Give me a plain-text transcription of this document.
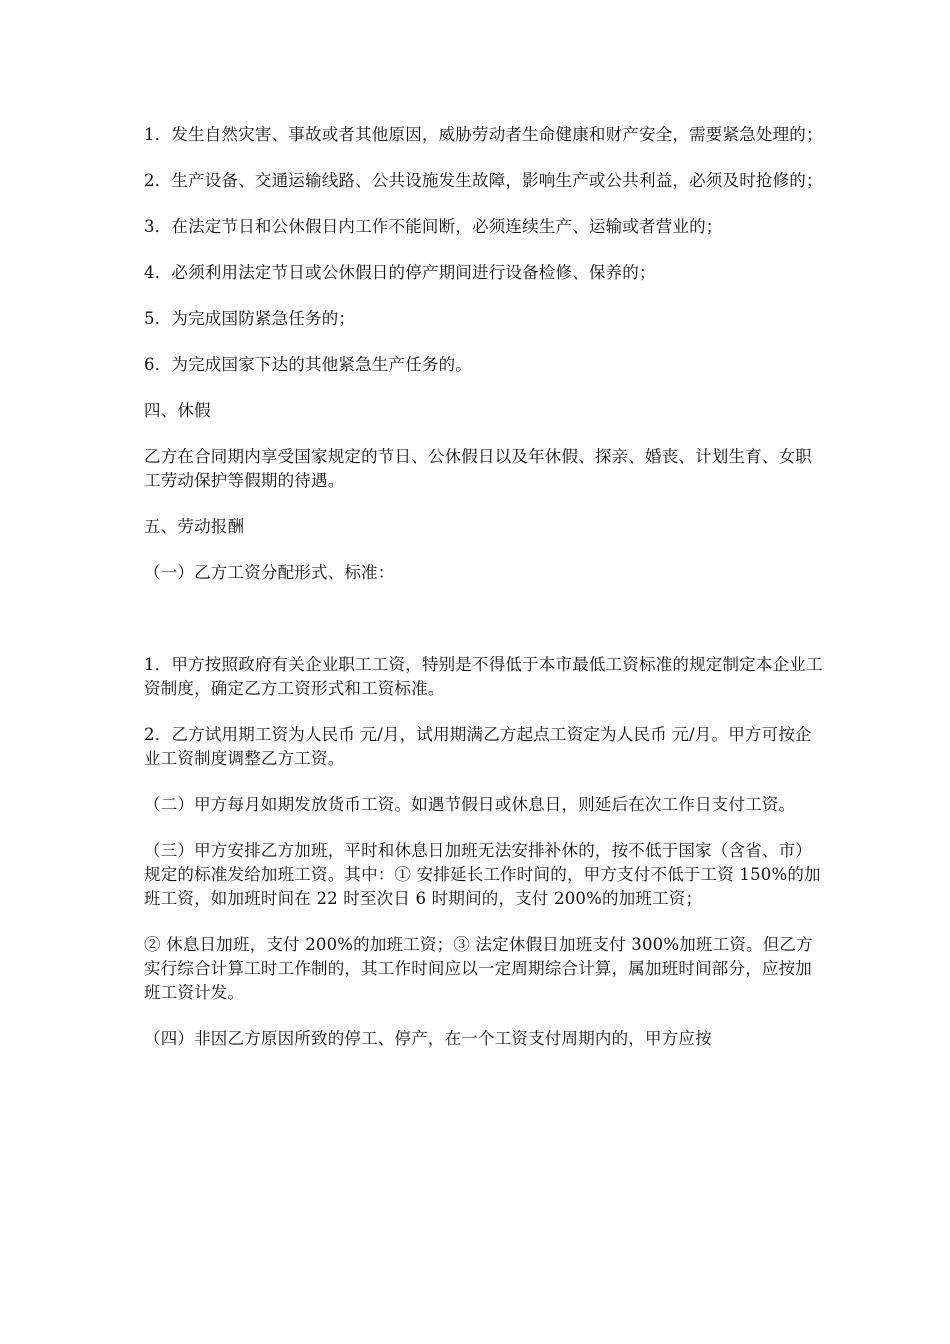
1．发生自然灾害、事故或者其他原因，威胁劳动者生命健康和财产安全，需要紧急处理的；

2．生产设备、交通运输线路、公共设施发生故障，影响生产或公共利益，必须及时抢修的；

3．在法定节日和公休假日内工作不能间断，必须连续生产、运输或者营业的；

4．必须利用法定节日或公休假日的停产期间进行设备检修、保养的；

5．为完成国防紧急任务的；

6．为完成国家下达的其他紧急生产任务的。

四、休假

乙方在合同期内享受国家规定的节日、公休假日以及年休假、探亲、婚丧、计划生育、女职工劳动保护等假期的待遇。

五、劳动报酬

（一）乙方工资分配形式、标准：

1．甲方按照政府有关企业职工工资，特别是不得低于本市最低工资标准的规定制定本企业工资制度，确定乙方工资形式和工资标准。

2．乙方试用期工资为人民币 元/月，试用期满乙方起点工资定为人民币 元/月。甲方可按企业工资制度调整乙方工资。

（二）甲方每月如期发放货币工资。如遇节假日或休息日，则延后在次工作日支付工资。

（三）甲方安排乙方加班，平时和休息日加班无法安排补休的，按不低于国家（含省、市）规定的标准发给加班工资。其中：① 安排延长工作时间的，甲方支付不低于工资 150%的加班工资，如加班时间在 22 时至次日 6 时期间的，支付 200%的加班工资；

② 休息日加班，支付 200%的加班工资；③ 法定休假日加班支付 300%加班工资。但乙方实行综合计算工时工作制的，其工作时间应以一定周期综合计算，属加班时间部分，应按加班工资计发。

（四）非因乙方原因所致的停工、停产，在一个工资支付周期内的，甲方应按
